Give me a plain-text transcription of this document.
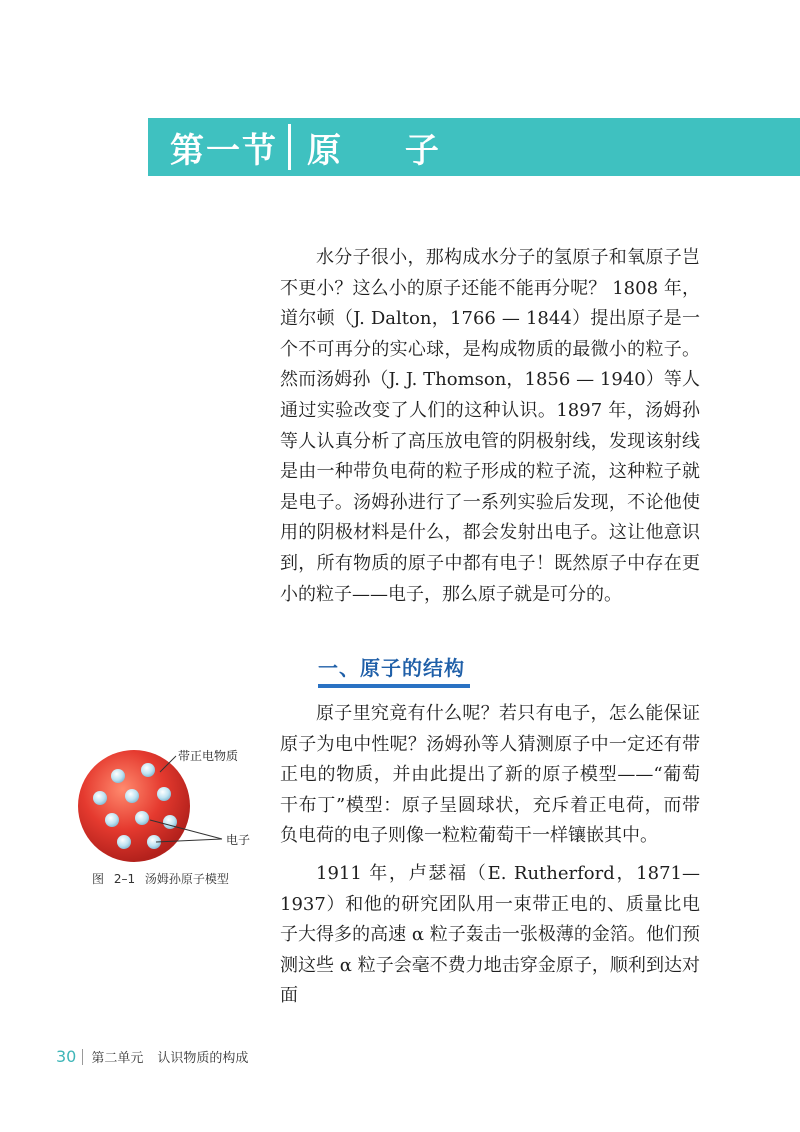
第一节 原 子

水分子很小，那构成水分子的氢原子和氧原子岂不更小？这么小的原子还能不能再分呢？ 1808 年，道尔顿（J. Dalton，1766 — 1844）提出原子是一个不可再分的实心球，是构成物质的最微小的粒子。然而汤姆孙（J. J. Thomson，1856 — 1940）等人通过实验改变了人们的这种认识。1897 年，汤姆孙等人认真分析了高压放电管的阴极射线，发现该射线是由一种带负电荷的粒子形成的粒子流，这种粒子就是电子。汤姆孙进行了一系列实验后发现，不论他使用的阴极材料是什么，都会发射出电子。这让他意识到，所有物质的原子中都有电子！既然原子中存在更小的粒子——电子，那么原子就是可分的。

一、原子的结构

原子里究竟有什么呢？若只有电子，怎么能保证原子为电中性呢？汤姆孙等人猜测原子中一定还有带正电的物质，并由此提出了新的原子模型——“葡萄干布丁”模型：原子呈圆球状，充斥着正电荷，而带负电荷的电子则像一粒粒葡萄干一样镶嵌其中。

1911 年，卢瑟福（E. Rutherford，1871—1937）和他的研究团队用一束带正电的、质量比电子大得多的高速 α 粒子轰击一张极薄的金箔。他们预测这些 α 粒子会毫不费力地击穿金原子，顺利到达对面

带正电物质
电子
图 2–1 汤姆孙原子模型
30 第二单元 认识物质的构成
